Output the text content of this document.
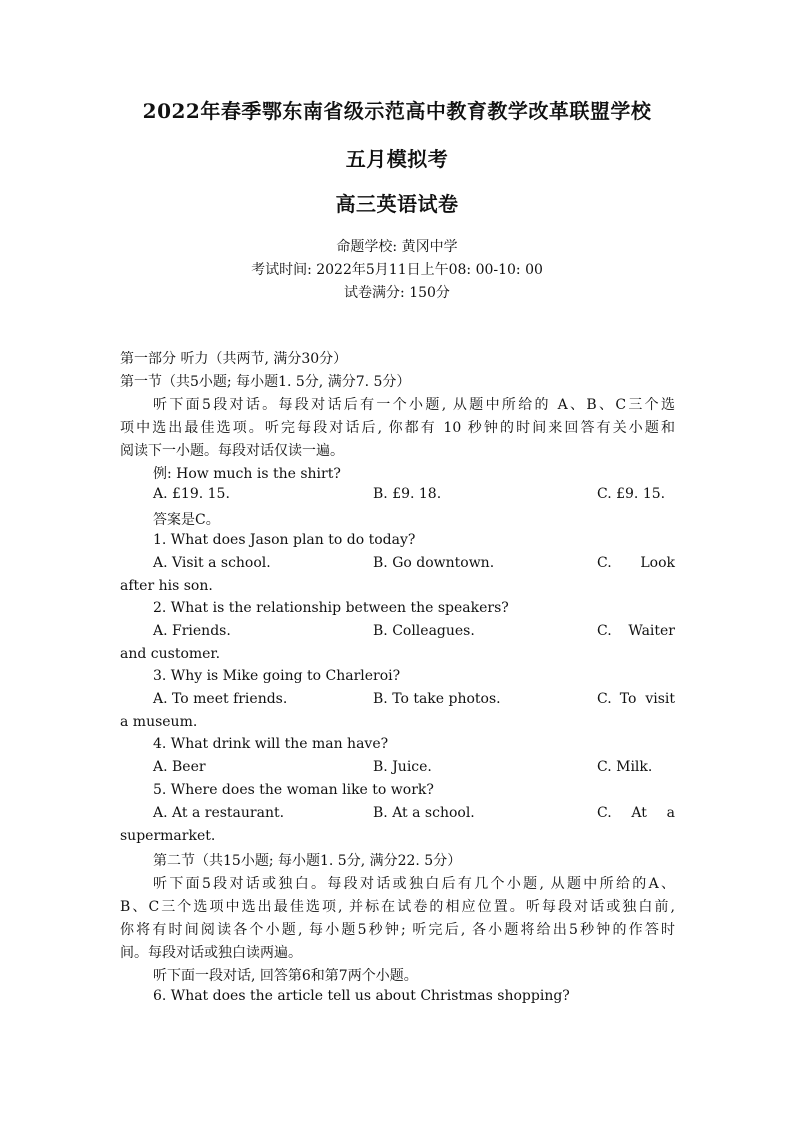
2022年春季鄂东南省级示范高中教育教学改革联盟学校
五月模拟考
高三英语试卷
命题学校: 黄冈中学
考试时间: 2022年5月11日上午08: 00-10: 00
试卷满分: 150分
第一部分 听力（共两节, 满分30分）
第一节（共5小题; 每小题1. 5分, 满分7. 5分）
听下面5段对话。每段对话后有一个小题, 从题中所给的 A、B、C三个选
项中选出最佳选项。听完每段对话后, 你都有 10 秒钟的时间来回答有关小题和
阅读下一小题。每段对话仅读一遍。
例: How much is the shirt?
A. £19. 15.	B. £9. 18.	C. £9. 15.
答案是C。
1. What does Jason plan to do today?
A. Visit a school.	B. Go downtown.	C. Look
after his son.
2. What is the relationship between the speakers?
A. Friends.	B. Colleagues.	C. Waiter
and customer.
3. Why is Mike going to Charleroi?
A. To meet friends.	B. To take photos.	C. To  visit
a museum.
4. What drink will the man have?
A. Beer	B. Juice.	C. Milk.
5. Where does the woman like to work?
A. At a restaurant.	B. At a school.	C. At a
supermarket.
第二节（共15小题; 每小题1. 5分, 满分22. 5分）
听下面5段对话或独白。每段对话或独白后有几个小题, 从题中所给的A、
B、C三个选项中选出最佳选项, 并标在试卷的相应位置。听每段对话或独白前,
你将有时间阅读各个小题, 每小题5秒钟; 听完后, 各小题将给出5秒钟的作答时
间。每段对话或独白读两遍。
听下面一段对话, 回答第6和第7两个小题。
6. What does the article tell us about Christmas shopping?
